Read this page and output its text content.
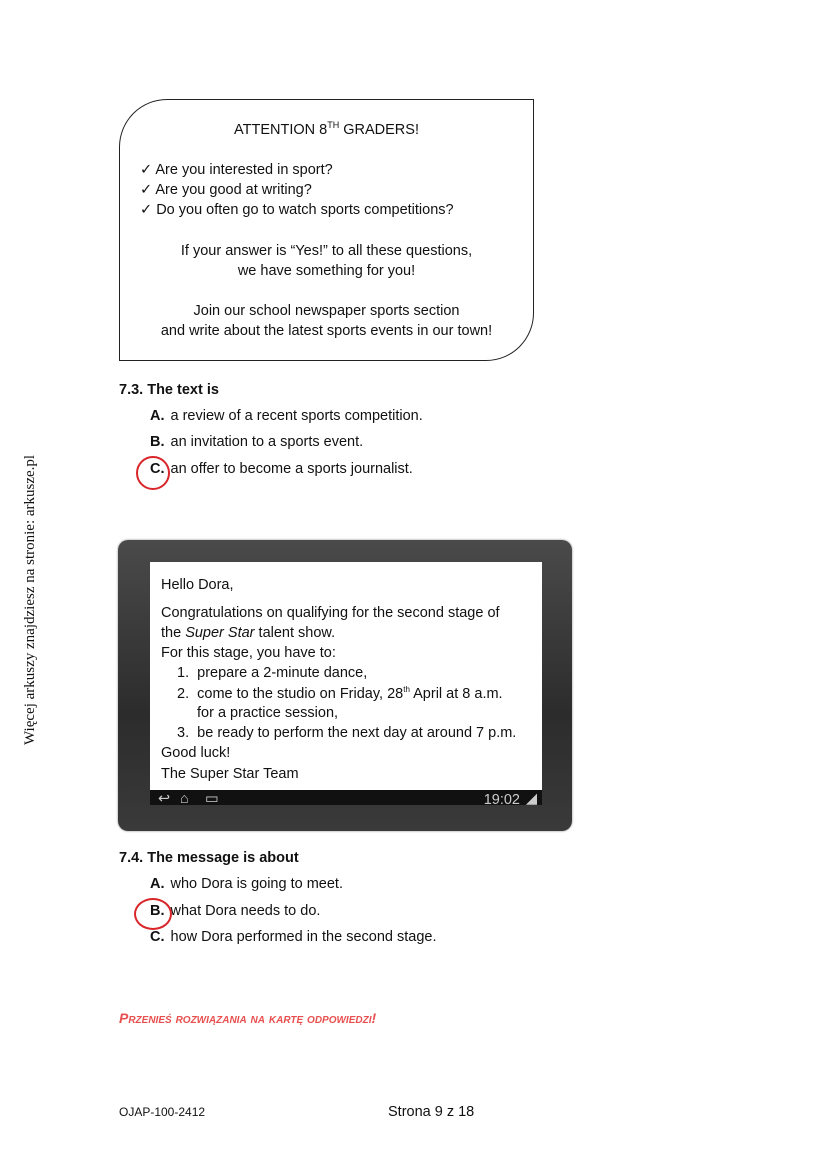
Więcej arkuszy znajdziesz na stronie: arkusze.pl
ATTENTION 8TH GRADERS!
✓ Are you interested in sport?
✓ Are you good at writing?
✓ Do you often go to watch sports competitions?
If your answer is “Yes!” to all these questions,
we have something for you!
Join our school newspaper sports section
and write about the latest sports events in our town!
7.3. The text is
A. a review of a recent sports competition.
B. an invitation to a sports event.
C. an offer to become a sports journalist.
Hello Dora,
Congratulations on qualifying for the second stage of
the Super Star talent show.
For this stage, you have to:
1. prepare a 2-minute dance,
2. come to the studio on Friday, 28th April at 8 a.m.
for a practice session,
3. be ready to perform the next day at around 7 p.m.
Good luck!
The Super Star Team
↩ ⌂ ▭	19:02 ◢
7.4. The message is about
A. who Dora is going to meet.
B. what Dora needs to do.
C. how Dora performed in the second stage.
Przenieś rozwiązania na kartę odpowiedzi!
OJAP-100-2412	Strona 9 z 18
